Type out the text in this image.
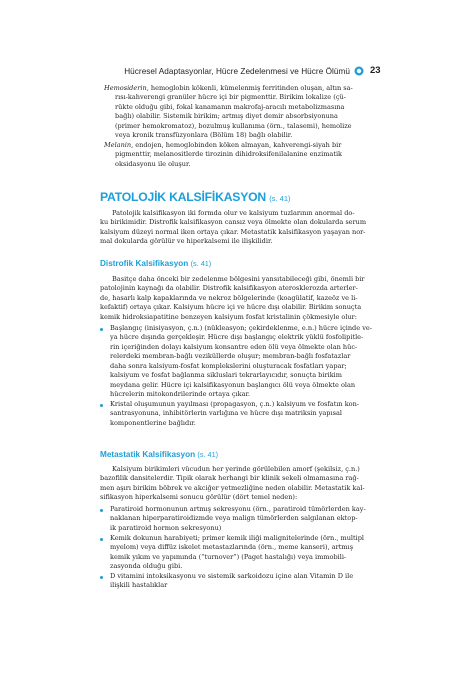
Hücresel Adaptasyonlar, Hücre Zedelenmesi ve Hücre Ölümü 23
Hemosiderin, hemoglobin kökenli, kümelenmiş ferritinden oluşan, altın sa-
rısı-kahverengi granüler hücre içi bir pigmenttir. Birikim lokalize (çü-
rükte olduğu gibi, fokal kanamanın makrofaj-aracılı metabolizmasına
bağlı) olabilir. Sistemik birikim; artmış diyet demir absorbsiyonuna
(primer hemokromatoz), bozulmuş kullanıma (örn., talasemi), hemolize
veya kronik transfüzyonlara (Bölüm 18) bağlı olabilir.
Melanin, endojen, hemoglobinden köken almayan, kahverengi-siyah bir
pigmenttir, melanositlerde tirozinin dihidroksifenilalanine enzimatik
oksidasyonu ile oluşur.
PATOLOJİK KALSİFİKASYON (s. 41)
Patolojik kalsifikasyon iki formda olur ve kalsiyum tuzlarının anormal do-
ku birikimidir. Distrofik kalsifikasyon cansız veya ölmekte olan dokularda serum
kalsiyum düzeyi normal iken ortaya çıkar. Metastatik kalsifikasyon yaşayan nor-
mal dokularda görülür ve hiperkalsemi ile ilişkilidir.
Distrofik Kalsifikasyon (s. 41)
Basitçe daha önceki bir zedelenme bölgesini yansıtabileceği gibi, önemli bir
patolojinin kaynağı da olabilir. Distrofik kalsifikasyon aterosklerozda arterler-
de, hasarlı kalp kapaklarında ve nekroz bölgelerinde (koagülatif, kazeöz ve li-
kefaktif) ortaya çıkar. Kalsiyum hücre içi ve hücre dışı olabilir. Birikim sonuçta
kemik hidroksiapatitine benzeyen kalsiyum fosfat kristalinin çökmesiyle olur:
Başlangıç (inisiyasyon, ç.n.) (nükleasyon; çekirdeklenme, e.n.) hücre içinde ve-
ya hücre dışında gerçekleşir. Hücre dışı başlangıç elektrik yüklü fosfolipitle-
rin içeriğinden dolayı kalsiyum konsantre eden ölü veya ölmekte olan hüc-
relerdeki membran-bağlı veziküllerde oluşur; membran-bağlı fosfatazlar
daha sonra kalsiyum-fosfat komplekslerini oluşturacak fosfatları yapar;
kalsiyum ve fosfat bağlanma sikluslari tekrarlayıcıdır, sonuçta birikim
meydana gelir. Hücre içi kalsifikasyonun başlangıcı ölü veya ölmekte olan
hücrelerin mitokondrilerinde ortaya çıkar.
Kristal oluşumunun yayılması (propagasyon, ç.n.) kalsiyum ve fosfatın kon-
santrasyonuna, inhibitörlerin varlığına ve hücre dışı matriksin yapısal
komponentlerine bağlıdır.
Metastatik Kalsifikasyon (s. 41)
Kalsiyum birikimleri vücudun her yerinde görülebilen amorf (şekilsiz, ç.n.)
bazofilik dansitelerdir. Tipik olarak herhangi bir klinik sekeli olmamasına rağ-
men aşırı birikim böbrek ve akciğer yetmezliğine neden olabilir. Metastatik kal-
sifikasyon hiperkalsemi sonucu görülür (dört temel neden):
Paratiroid hormonunun artmış sekresyonu (örn., paratiroid tümörlerden kay-
naklanan hiperparatiroidizmde veya malign tümörlerden salgılanan ektop-
ik paratiroid hormon sekresyonu)
Kemik dokunun harabiyeti; primer kemik iliği malignitelerinde (örn., multipl
myelom) veya diffüz iskelet metastazlarında (örn., meme kanseri), artmış
kemik yıkım ve yapımında (“turnover”) (Paget hastalığı) veya immobili-
zasyonda olduğu gibi.
D vitamini intoksikasyonu ve sistemik sarkoidozu içine alan Vitamin D ile
ilişkili hastalıklar
